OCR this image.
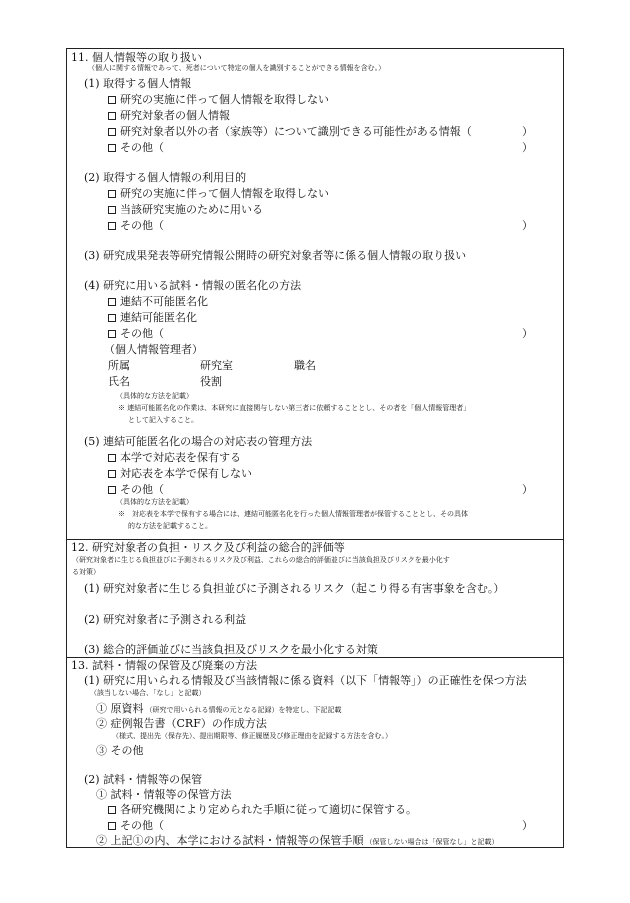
11. 個人情報等の取り扱い
（個人に関する情報であって、死者について特定の個人を識別することができる情報を含む。）
(1) 取得する個人情報
研究の実施に伴って個人情報を取得しない
研究対象者の個人情報
研究対象者以外の者（家族等）について識別できる可能性がある情報（	）
その他（	）
(2) 取得する個人情報の利用目的
研究の実施に伴って個人情報を取得しない
当該研究実施のために用いる
その他（	）
(3) 研究成果発表等研究情報公開時の研究対象者等に係る個人情報の取り扱い
(4) 研究に用いる試料・情報の匿名化の方法
連結不可能匿名化
連結可能匿名化
その他（	）
（個人情報管理者）
所属	研究室	職名
氏名	役割
（具体的な方法を記載）
※ 連結可能匿名化の作業は、本研究に直接関与しない第三者に依頼することとし、その者を「個人情報管理者」
として記入すること。
(5) 連結可能匿名化の場合の対応表の管理方法
本学で対応表を保有する
対応表を本学で保有しない
その他（	）
（具体的な方法を記載）
※　対応表を本学で保有する場合には、連結可能匿名化を行った個人情報管理者が保管することとし、その具体
的な方法を記載すること。
12. 研究対象者の負担・リスク及び利益の総合的評価等
（研究対象者に生じる負担並びに予測されるリスク及び利益、これらの総合的評価並びに当該負担及びリスクを最小化す
る対策）
(1) 研究対象者に生じる負担並びに予測されるリスク（起こり得る有害事象を含む。）
(2) 研究対象者に予測される利益
(3) 総合的評価並びに当該負担及びリスクを最小化する対策
13. 試料・情報の保管及び廃棄の方法
(1) 研究に用いられる情報及び当該情報に係る資料（以下「情報等」）の正確性を保つ方法
（該当しない場合、「なし」と記載）
① 原資料 （研究で用いられる情報の元となる記録）を特定し、下記記載
② 症例報告書（CRF）の作成方法
（様式、提出先（保存先）、提出期限等、修正履歴及び修正理由を記録する方法を含む。）
③ その他
(2) 試料・情報等の保管
① 試料・情報等の保管方法
各研究機関により定められた手順に従って適切に保管する。
その他（	）
② 上記①の内、本学における試料・情報等の保管手順 （保管しない場合は「保管なし」と記載）
